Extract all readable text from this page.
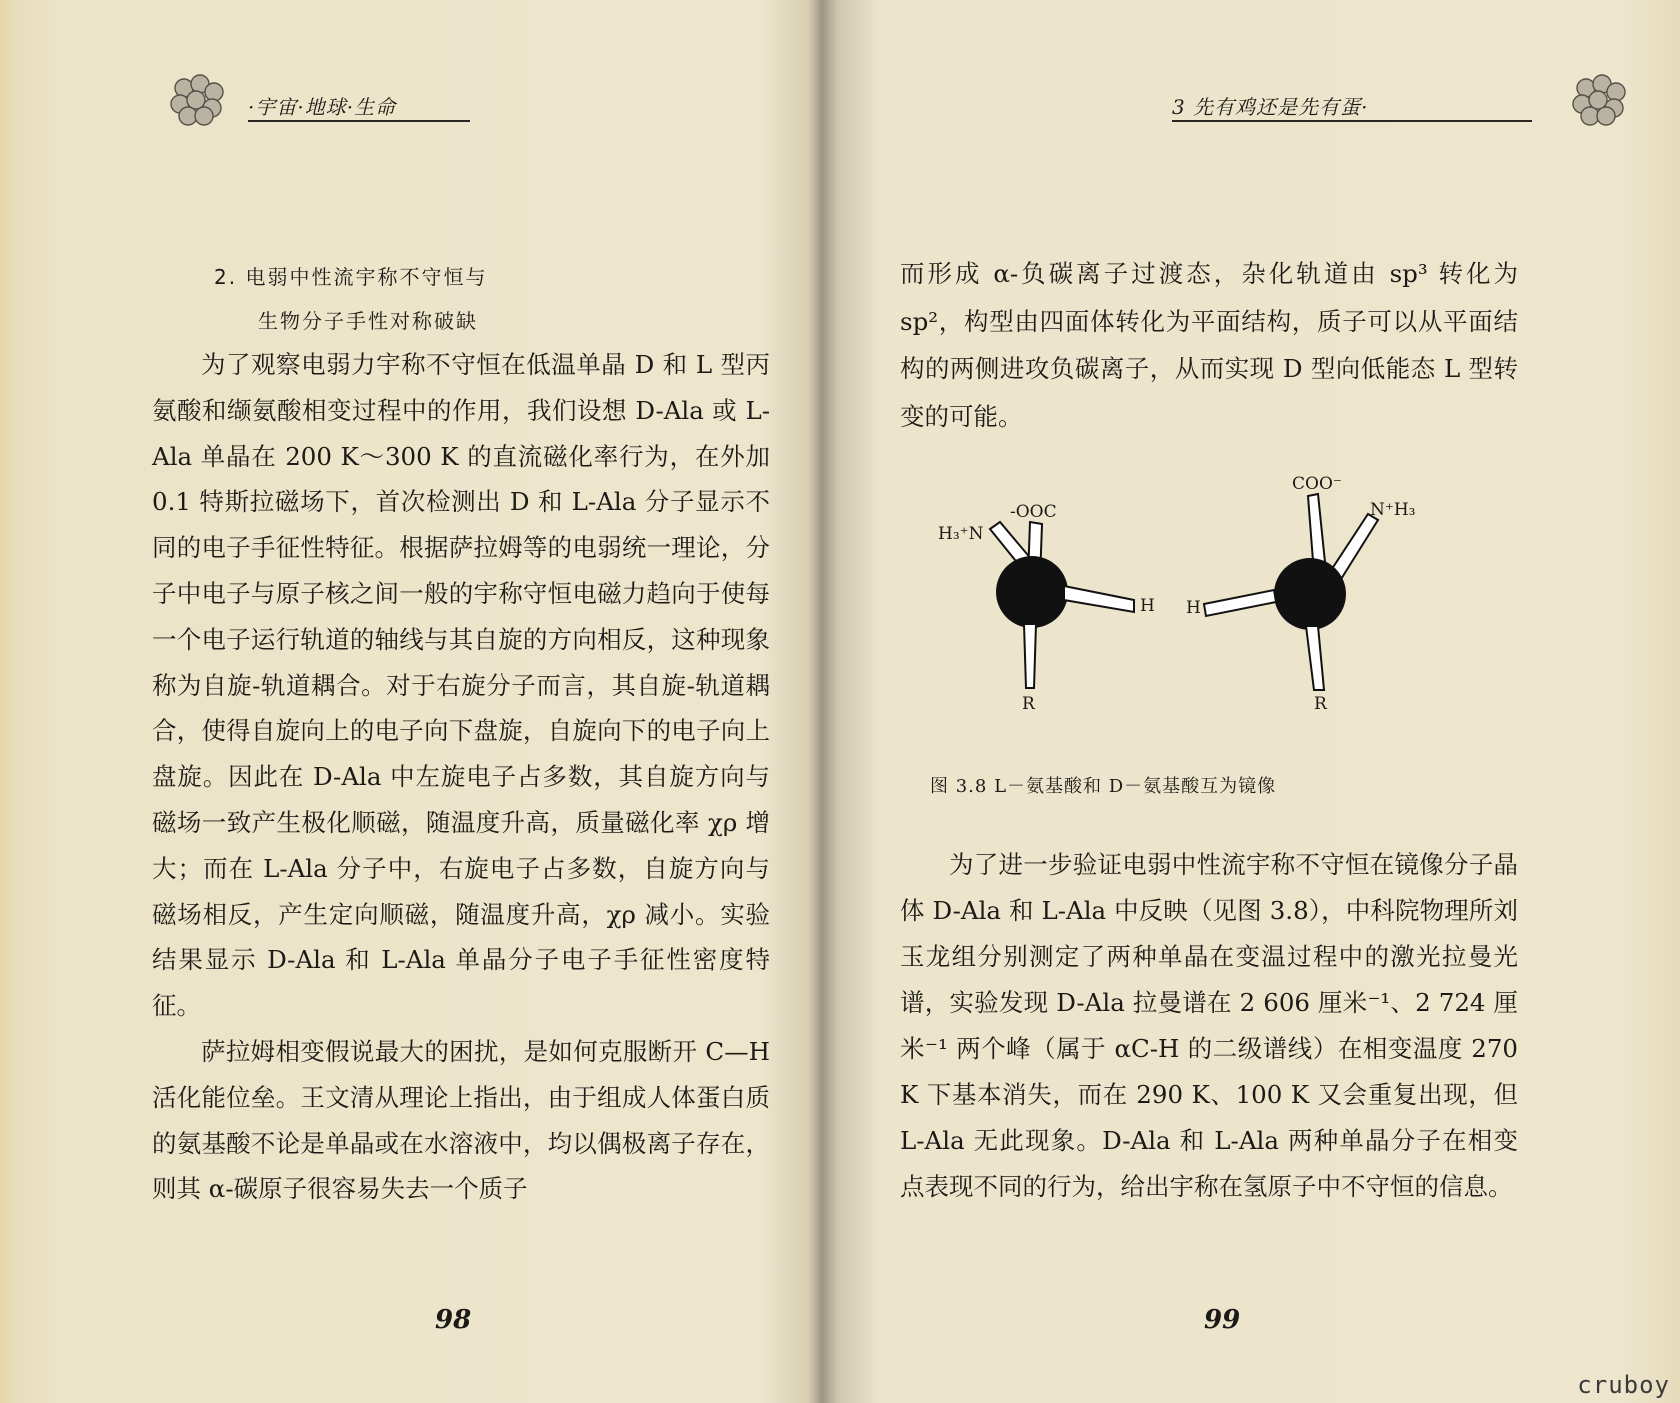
·宇宙·地球·生命
2. 电弱中性流宇称不守恒与
生物分子手性对称破缺

为了观察电弱力宇称不守恒在低温单晶 D 和 L 型丙氨酸和缬氨酸相变过程中的作用，我们设想 D-Ala 或 L-Ala 单晶在 200 K～300 K 的直流磁化率行为，在外加 0.1 特斯拉磁场下，首次检测出 D 和 L-Ala 分子显示不同的电子手征性特征。根据萨拉姆等的电弱统一理论，分子中电子与原子核之间一般的宇称守恒电磁力趋向于使每一个电子运行轨道的轴线与其自旋的方向相反，这种现象称为自旋-轨道耦合。对于右旋分子而言，其自旋-轨道耦合，使得自旋向上的电子向下盘旋，自旋向下的电子向上盘旋。因此在 D-Ala 中左旋电子占多数，其自旋方向与磁场一致产生极化顺磁，随温度升高，质量磁化率 χρ 增大；而在 L-Ala 分子中，右旋电子占多数，自旋方向与磁场相反，产生定向顺磁，随温度升高，χρ 减小。实验结果显示 D-Ala 和 L-Ala 单晶分子电子手征性密度特征。

萨拉姆相变假说最大的困扰，是如何克服断开 C—H 活化能位垒。王文清从理论上指出，由于组成人体蛋白质的氨基酸不论是单晶或在水溶液中，均以偶极离子存在，则其 α-碳原子很容易失去一个质子

98
3 先有鸡还是先有蛋·

而形成 α-负碳离子过渡态，杂化轨道由 sp³ 转化为 sp²，构型由四面体转化为平面结构，质子可以从平面结构的两侧进攻负碳离子，从而实现 D 型向低能态 L 型转变的可能。

-OOC
H₃⁺N
H
R
COO⁻
N⁺H₃
H
R
图 3.8 L－氨基酸和 D－氨基酸互为镜像

为了进一步验证电弱中性流宇称不守恒在镜像分子晶体 D-Ala 和 L-Ala 中反映（见图 3.8），中科院物理所刘玉龙组分别测定了两种单晶在变温过程中的激光拉曼光谱，实验发现 D-Ala 拉曼谱在 2 606 厘米⁻¹、2 724 厘米⁻¹ 两个峰（属于 αC-H 的二级谱线）在相变温度 270 K 下基本消失，而在 290 K、100 K 又会重复出现，但 L-Ala 无此现象。D-Ala 和 L-Ala 两种单晶分子在相变点表现不同的行为，给出宇称在氢原子中不守恒的信息。

99
cruboy
